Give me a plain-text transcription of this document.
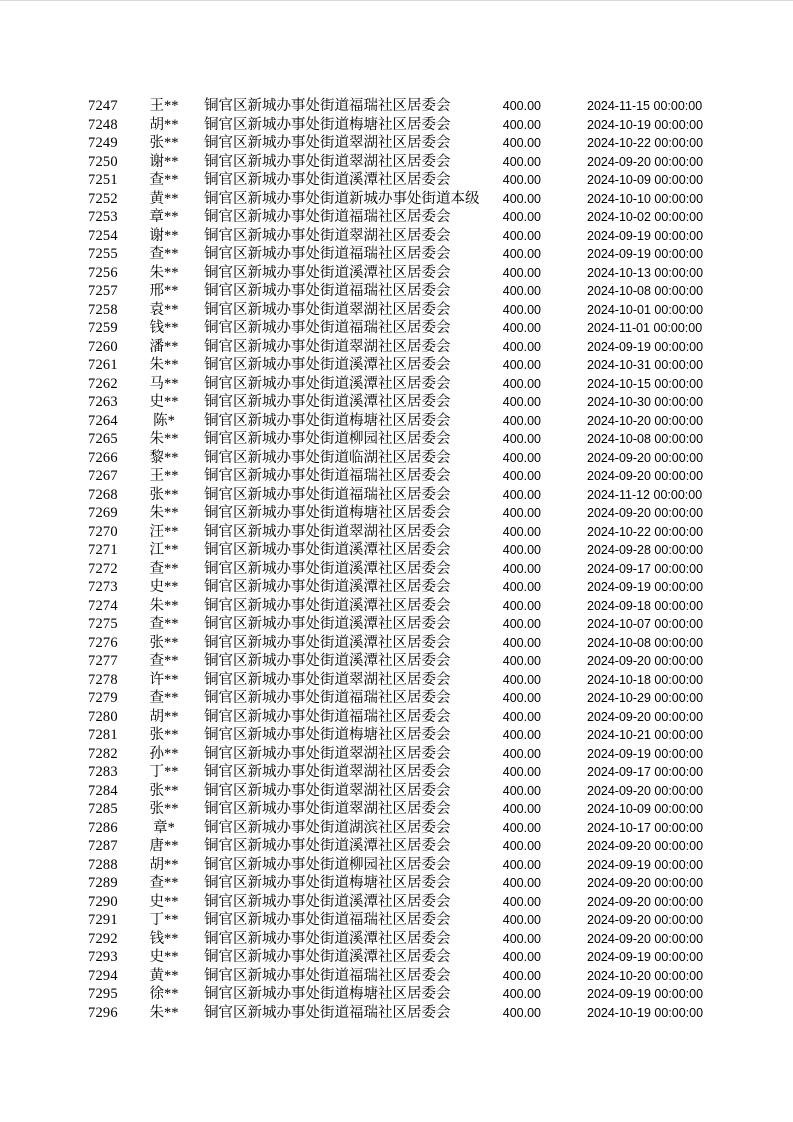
7247	王**	铜官区新城办事处街道福瑞社区居委会	400.00	2024-11-15 00:00:00
7248	胡**	铜官区新城办事处街道梅塘社区居委会	400.00	2024-10-19 00:00:00
7249	张**	铜官区新城办事处街道翠湖社区居委会	400.00	2024-10-22 00:00:00
7250	谢**	铜官区新城办事处街道翠湖社区居委会	400.00	2024-09-20 00:00:00
7251	查**	铜官区新城办事处街道溪潭社区居委会	400.00	2024-10-09 00:00:00
7252	黄**	铜官区新城办事处街道新城办事处街道本级	400.00	2024-10-10 00:00:00
7253	章**	铜官区新城办事处街道福瑞社区居委会	400.00	2024-10-02 00:00:00
7254	谢**	铜官区新城办事处街道翠湖社区居委会	400.00	2024-09-19 00:00:00
7255	查**	铜官区新城办事处街道福瑞社区居委会	400.00	2024-09-19 00:00:00
7256	朱**	铜官区新城办事处街道溪潭社区居委会	400.00	2024-10-13 00:00:00
7257	邢**	铜官区新城办事处街道福瑞社区居委会	400.00	2024-10-08 00:00:00
7258	袁**	铜官区新城办事处街道翠湖社区居委会	400.00	2024-10-01 00:00:00
7259	钱**	铜官区新城办事处街道福瑞社区居委会	400.00	2024-11-01 00:00:00
7260	潘**	铜官区新城办事处街道翠湖社区居委会	400.00	2024-09-19 00:00:00
7261	朱**	铜官区新城办事处街道溪潭社区居委会	400.00	2024-10-31 00:00:00
7262	马**	铜官区新城办事处街道溪潭社区居委会	400.00	2024-10-15 00:00:00
7263	史**	铜官区新城办事处街道溪潭社区居委会	400.00	2024-10-30 00:00:00
7264	陈*	铜官区新城办事处街道梅塘社区居委会	400.00	2024-10-20 00:00:00
7265	朱**	铜官区新城办事处街道柳园社区居委会	400.00	2024-10-08 00:00:00
7266	黎**	铜官区新城办事处街道临湖社区居委会	400.00	2024-09-20 00:00:00
7267	王**	铜官区新城办事处街道福瑞社区居委会	400.00	2024-09-20 00:00:00
7268	张**	铜官区新城办事处街道福瑞社区居委会	400.00	2024-11-12 00:00:00
7269	朱**	铜官区新城办事处街道梅塘社区居委会	400.00	2024-09-20 00:00:00
7270	汪**	铜官区新城办事处街道翠湖社区居委会	400.00	2024-10-22 00:00:00
7271	江**	铜官区新城办事处街道溪潭社区居委会	400.00	2024-09-28 00:00:00
7272	查**	铜官区新城办事处街道溪潭社区居委会	400.00	2024-09-17 00:00:00
7273	史**	铜官区新城办事处街道溪潭社区居委会	400.00	2024-09-19 00:00:00
7274	朱**	铜官区新城办事处街道溪潭社区居委会	400.00	2024-09-18 00:00:00
7275	查**	铜官区新城办事处街道溪潭社区居委会	400.00	2024-10-07 00:00:00
7276	张**	铜官区新城办事处街道溪潭社区居委会	400.00	2024-10-08 00:00:00
7277	查**	铜官区新城办事处街道溪潭社区居委会	400.00	2024-09-20 00:00:00
7278	许**	铜官区新城办事处街道翠湖社区居委会	400.00	2024-10-18 00:00:00
7279	查**	铜官区新城办事处街道福瑞社区居委会	400.00	2024-10-29 00:00:00
7280	胡**	铜官区新城办事处街道福瑞社区居委会	400.00	2024-09-20 00:00:00
7281	张**	铜官区新城办事处街道梅塘社区居委会	400.00	2024-10-21 00:00:00
7282	孙**	铜官区新城办事处街道翠湖社区居委会	400.00	2024-09-19 00:00:00
7283	丁**	铜官区新城办事处街道翠湖社区居委会	400.00	2024-09-17 00:00:00
7284	张**	铜官区新城办事处街道翠湖社区居委会	400.00	2024-09-20 00:00:00
7285	张**	铜官区新城办事处街道翠湖社区居委会	400.00	2024-10-09 00:00:00
7286	章*	铜官区新城办事处街道湖滨社区居委会	400.00	2024-10-17 00:00:00
7287	唐**	铜官区新城办事处街道溪潭社区居委会	400.00	2024-09-20 00:00:00
7288	胡**	铜官区新城办事处街道柳园社区居委会	400.00	2024-09-19 00:00:00
7289	查**	铜官区新城办事处街道梅塘社区居委会	400.00	2024-09-20 00:00:00
7290	史**	铜官区新城办事处街道溪潭社区居委会	400.00	2024-09-20 00:00:00
7291	丁**	铜官区新城办事处街道福瑞社区居委会	400.00	2024-09-20 00:00:00
7292	钱**	铜官区新城办事处街道溪潭社区居委会	400.00	2024-09-20 00:00:00
7293	史**	铜官区新城办事处街道溪潭社区居委会	400.00	2024-09-19 00:00:00
7294	黄**	铜官区新城办事处街道福瑞社区居委会	400.00	2024-10-20 00:00:00
7295	徐**	铜官区新城办事处街道梅塘社区居委会	400.00	2024-09-19 00:00:00
7296	朱**	铜官区新城办事处街道福瑞社区居委会	400.00	2024-10-19 00:00:00
